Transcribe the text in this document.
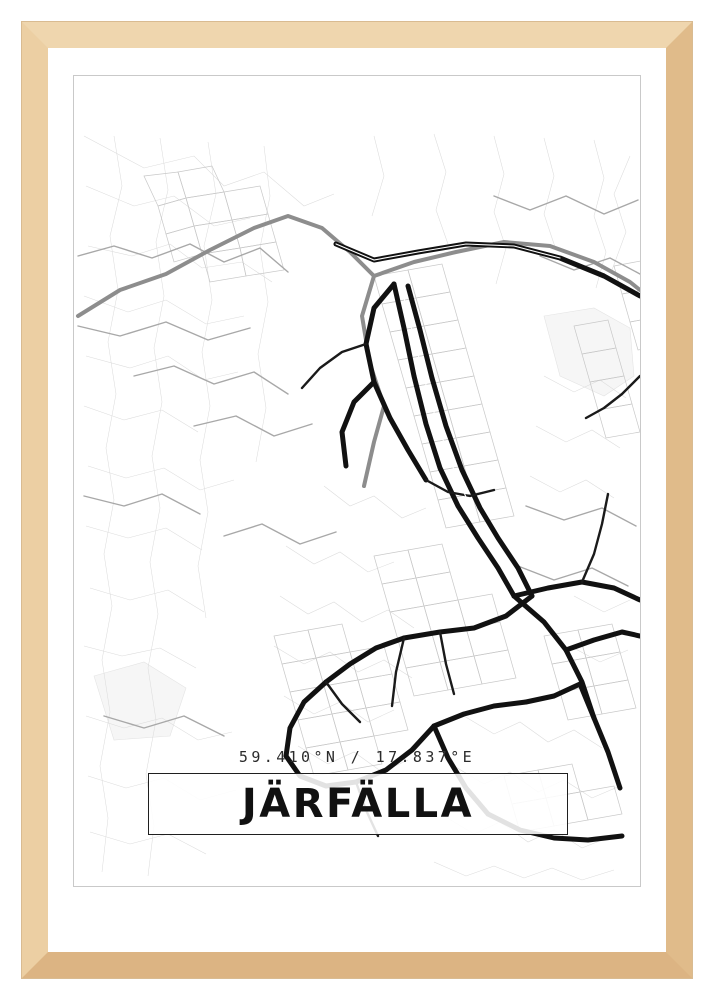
59.410°N / 17.837°E
JÄRFÄLLA
